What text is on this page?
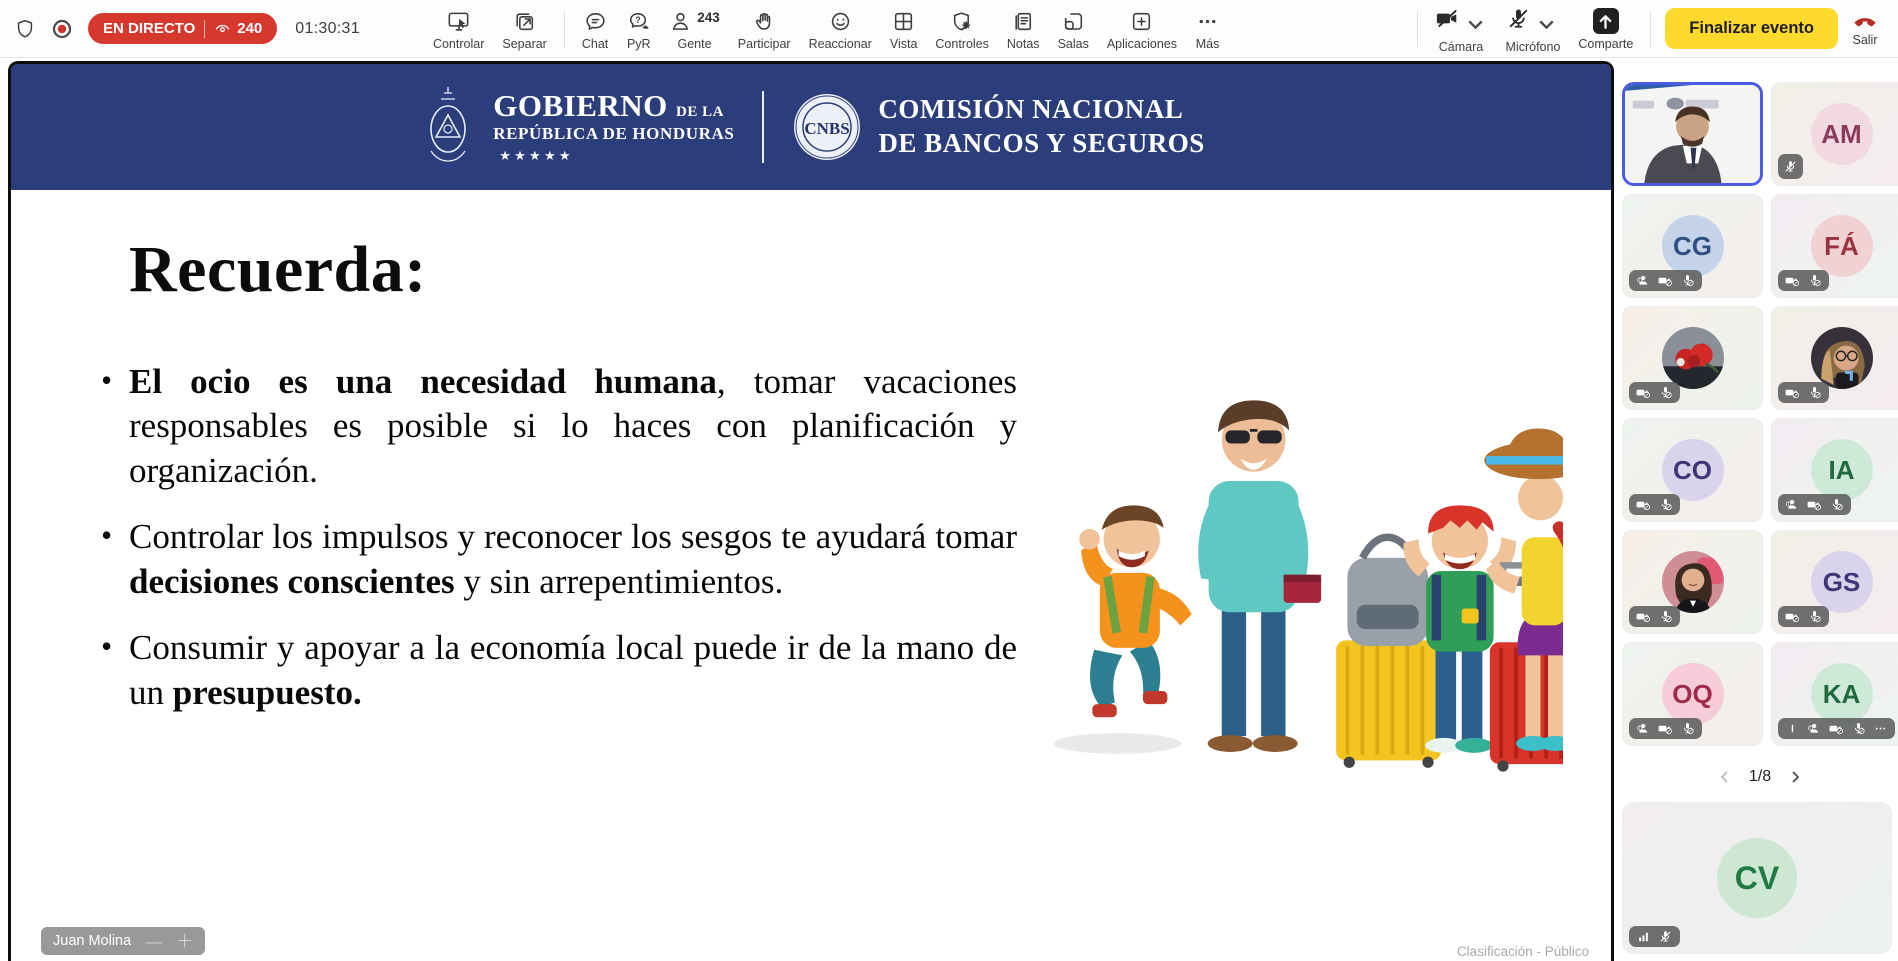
EN DIRECTO	240 01:30:31
Controlar Separar	Chat
?
PyR
243
Gente Participar Reaccionar Vista Controles Notas Salas Aplicaciones Más	Cámara Micrófono Comparte
Finalizar evento
Salir
GOBIERNO DE LA
REPÚBLICA DE HONDURAS
★ ★ ★ ★ ★
CNBS
COMISIÓN NACIONAL
DE BANCOS Y SEGUROS
Recuerda:

• El ocio es una necesidad humana, tomar vacaciones responsables es posible si lo haces con planificación y organización.

• Controlar los impulsos y reconocer los sesgos te ayudará tomar decisiones conscientes y sin arrepentimientos.

• Consumir y apoyar a la economía local puede ir de la mano de un presupuesto.

Juan Molina — ＋
Clasificación - Público
AM
CG
!
FÁ
CO	IA
!
GS
OQ
!
KA
!
1/8
CV
